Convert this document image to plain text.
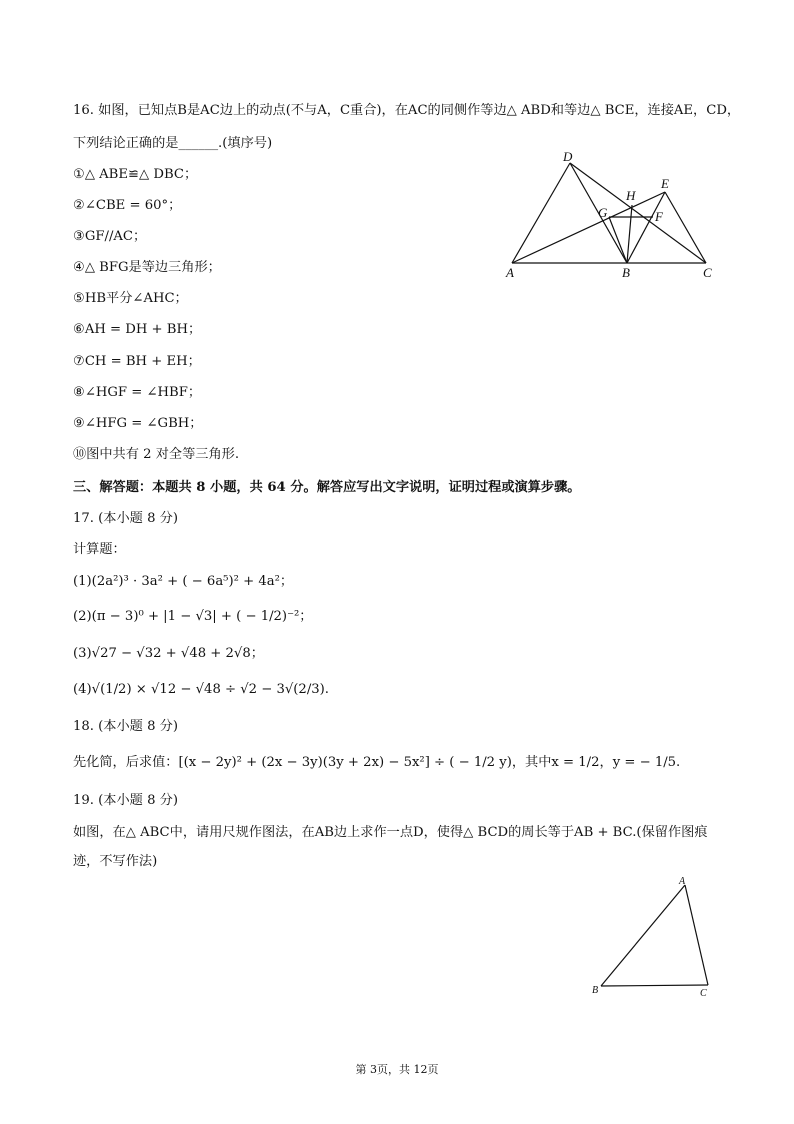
16. 如图，已知点B是AC边上的动点(不与A，C重合)，在AC的同侧作等边△ ABD和等边△ BCE，连接AE，CD，
下列结论正确的是______.(填序号)
①△ ABE≌△ DBC；
②∠CBE = 60°；
③GF//AC；
④△ BFG是等边三角形；
⑤HB平分∠AHC；
⑥AH = DH + BH；
⑦CH = BH + EH；
⑧∠HGF = ∠HBF；
⑨∠HFG = ∠GBH；
⑩图中共有 2 对全等三角形.
D
E
H
G	F
A	B	C
三、解答题：本题共 8 小题，共 64 分。解答应写出文字说明，证明过程或演算步骤。
17. (本小题 8 分)
计算题：
(1)(2a²)³ · 3a² + ( − 6a⁵)² + 4a²；
(2)(π − 3)⁰ + |1 − √3| + ( − 1/2)⁻²；
(3)√27 − √32 + √48 + 2√8；
(4)√(1/2) × √12 − √48 ÷ √2 − 3√(2/3).
18. (本小题 8 分)
先化简，后求值：[(x − 2y)² + (2x − 3y)(3y + 2x) − 5x²] ÷ ( − 1/2 y)，其中x = 1/2，y = − 1/5.
19. (本小题 8 分)
如图，在△ ABC中，请用尺规作图法，在AB边上求作一点D，使得△ BCD的周长等于AB + BC.(保留作图痕
迹，不写作法)
A
B	C
第 3页，共 12页
